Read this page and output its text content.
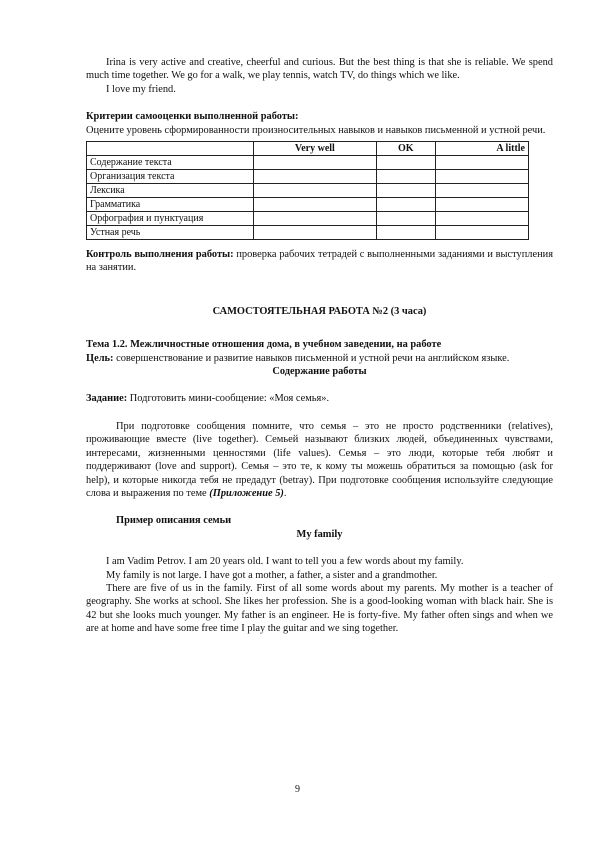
Irina is very active and creative, cheerful and curious. But the best thing is that she is reliable. We spend much time together. We go for a walk, we play tennis, watch TV, do things which we like.

I love my friend.

Критерии самооценки выполненной работы:

Оцените уровень сформированности произносительных навыков и навыков письменной и устной речи.

	Very well	OK	A little
Содержание текста			
Организация текста			
Лексика			
Грамматика			
Орфография и пунктуация			
Устная речь			

Контроль выполнения работы: проверка рабочих тетрадей с выполненными заданиями и выступления на занятии.

САМОСТОЯТЕЛЬНАЯ РАБОТА №2 (3 часа)

Тема 1.2. Межличностные отношения дома, в учебном заведении, на работе

Цель: совершенствование и развитие навыков письменной и устной речи на английском языке.

Содержание работы

Задание: Подготовить мини-сообщение: «Моя семья».

При подготовке сообщения помните, что семья – это не просто родственники (relatives), проживающие вместе (live together). Семьей называют близких людей, объединенных чувствами, интересами, жизненными ценностями (life values). Семья – это люди, которые тебя любят и поддерживают (love and support). Семья – это те, к кому ты можешь обратиться за помощью (ask for help), и которые никогда тебя не предадут (betray). При подготовке сообщения используйте следующие слова и выражения по теме (Приложение 5).

Пример описания семьи

My family

I am Vadim Petrov. I am 20 years old. I want to tell you a few words about my family.

My family is not large. I have got a mother, a father, a sister and a grandmother.

There are five of us in the family. First of all some words about my parents. My mother is a teacher of geography. She works at school. She likes her profession. She is a good-looking woman with black hair. She is 42 but she looks much younger. My father is an engineer. He is forty-five. My father often sings and when we are at home and have some free time I play the guitar and we sing together.

9
